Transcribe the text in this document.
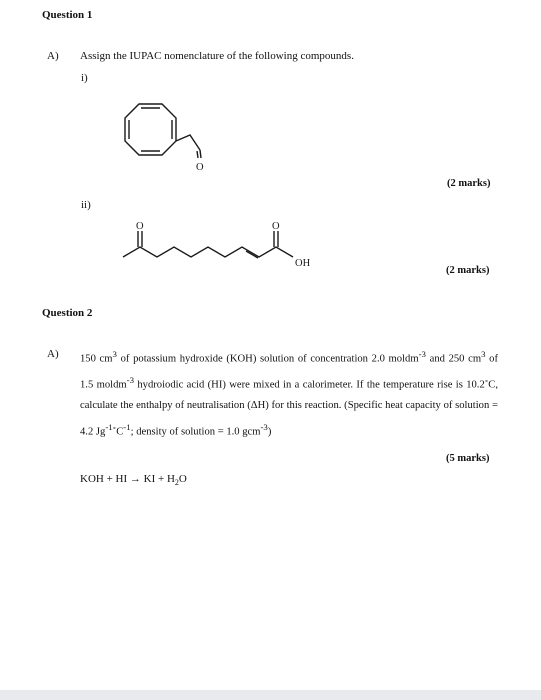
Question 1
A) Assign the IUPAC nomenclature of the following compounds.
i)
O
(2 marks)
ii)
O	O
OH
(2 marks)
Question 2
A) 150 $cm^3$ of potassium hydroxide (KOH) solution of concentration 2.0 moldm$^{-3}$ and 250 $cm^3$ of 1.5 moldm$^{-3}$ hydroiodic acid (HI) were mixed in a calorimeter. If the temperature rise is 10.2˚C, calculate the enthalpy of neutralisation (ΔH) for this reaction. (Specific heat capacity of solution = 4.2 $Jg^{-1}˚C^{-1}$; density of solution = 1.0 gcm$^{-3}$)
(5 marks)
KOH + HI → KI + $H_2O$
